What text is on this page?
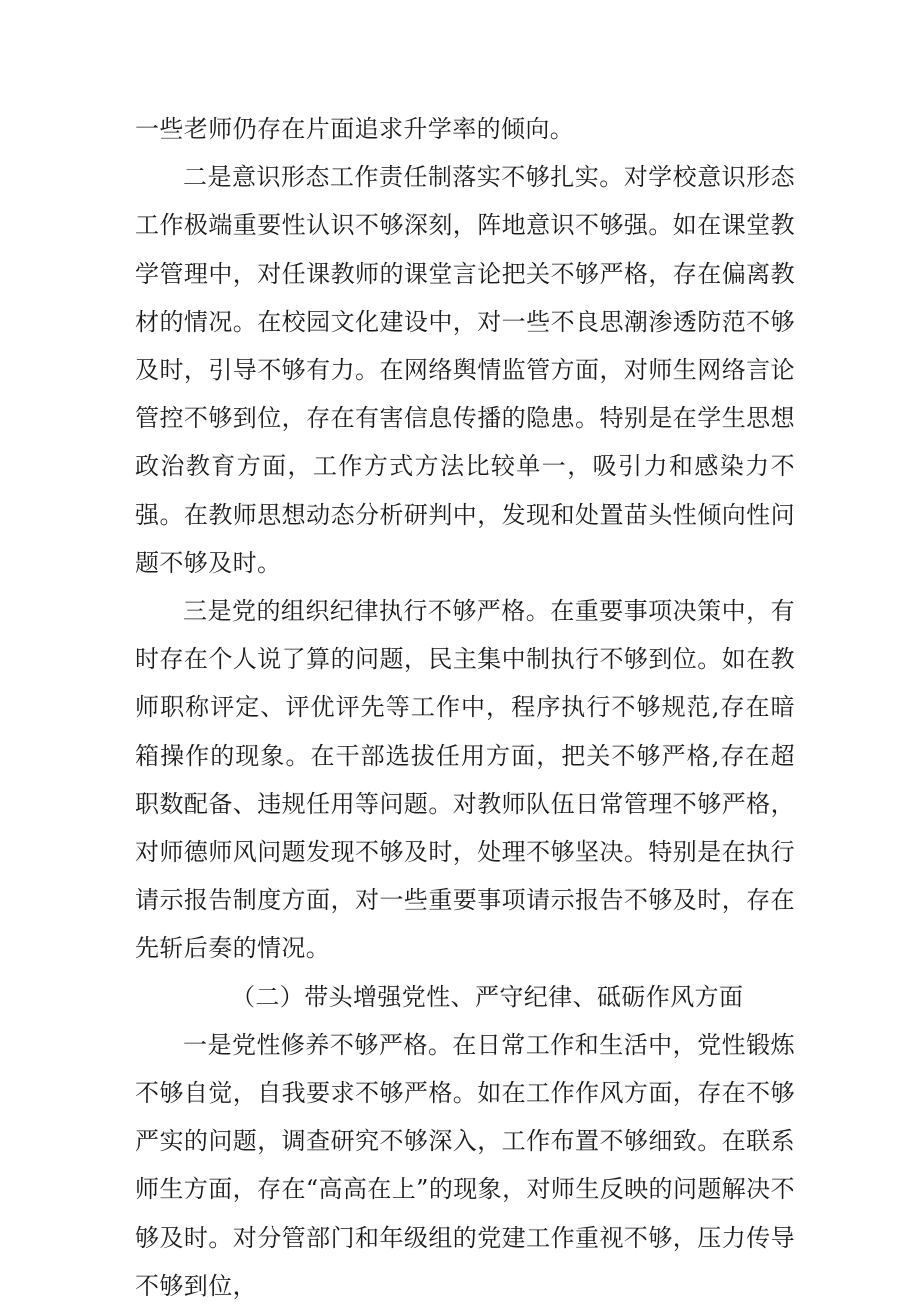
一些老师仍存在片面追求升学率的倾向。

二是意识形态工作责任制落实不够扎实。对学校意识形态工作极端重要性认识不够深刻，阵地意识不够强。如在课堂教学管理中，对任课教师的课堂言论把关不够严格，存在偏离教材的情况。在校园文化建设中，对一些不良思潮渗透防范不够及时，引导不够有力。在网络舆情监管方面，对师生网络言论管控不够到位，存在有害信息传播的隐患。特别是在学生思想政治教育方面，工作方式方法比较单一，吸引力和感染力不强。在教师思想动态分析研判中，发现和处置苗头性倾向性问题不够及时。

三是党的组织纪律执行不够严格。在重要事项决策中，有时存在个人说了算的问题，民主集中制执行不够到位。如在教师职称评定、评优评先等工作中，程序执行不够规范,存在暗箱操作的现象。在干部选拔任用方面，把关不够严格,存在超职数配备、违规任用等问题。对教师队伍日常管理不够严格，对师德师风问题发现不够及时，处理不够坚决。特别是在执行请示报告制度方面，对一些重要事项请示报告不够及时，存在先斩后奏的情况。

（二）带头增强党性、严守纪律、砥砺作风方面

一是党性修养不够严格。在日常工作和生活中，党性锻炼不够自觉，自我要求不够严格。如在工作作风方面，存在不够严实的问题，调查研究不够深入，工作布置不够细致。在联系师生方面，存在“高高在上”的现象，对师生反映的问题解决不够及时。对分管部门和年级组的党建工作重视不够，压力传导不够到位，
